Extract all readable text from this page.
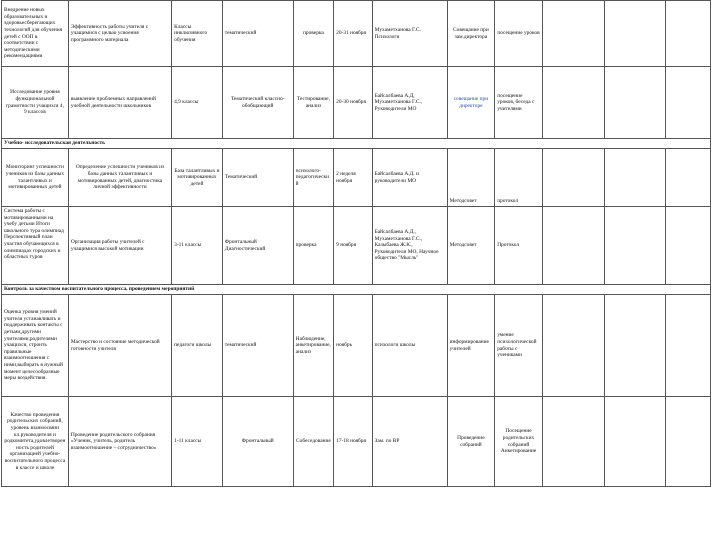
Внедрение новых образовательных и здоровьесберегающих технологий для обучения детей с ООП в соответствии с методическими рекомендациями	Эффективность работы учителя с учащимися с целью усвоения программного материала	Классы инклюзивного обучения	тематический	проверка	20-31 ноября	Мухаметханова Г.С. Психологи	Совещание при зам.директора	посещение уроков			
Исследование уровня функциональной грамотности учащихся 4, 9 классов	выявление проблемных направлений учебной деятельности школьников	4,9 классы	Тематический классно-обобщающий	Тестирование, анализ	20-30 ноября	Байсалбаева А.Д, Мухаметханова Г.С., Руководители МО	совещание при директоре	посещение уроков, беседа с учителями			
Учебно- исследовательская деятельность											
Мониторинг успешности учеников из базы данных талантливых и мотивированных детей	Определение успешности учеников из базы данных талантливых и мотивированных детей, диагностика личной эффективности	База талантливых и мотивированных детей	Тематический	психолого-педагогический	2 неделя ноября	Байсалбаева А.Д. и руководители МО	Методсовет	протокол			
Система работы с мотивированными на учебу детьми Итоги школьного тура олимпиад Перспективный план участия обучающихся в олимпиадах городских и областных туров	Организация работы учителей с учащимися высокой мотивации	3-11 классы	Фронтальный Диагностический	проверка	9 ноября	Байсалбаева А.Д., Мухаметханова Г.С., Казыбаева Ж.К., Руководители МО, Научное общество "Мысль"	Методсовет	Протокол			
Контроль за качеством воспитательного процесса, проведением мероприятий											
Оценка уровня умений учителя устанавливать и поддерживать контакты с детьми,другими учителями,родителями учащихся, строить правильные взаимоотношения с ними,выбирать в нужный момент целесообразные меры воздействия.	Мастерство и состояние методической готовности учителя	педагоги школы	тематический	Наблюдение, анкетирование, анализ	ноябрь	психологи школы	информирование учителей	умение психологической работы с учениками			
Качество проведения родительских собраний, уровень взаимосвязи кл.руководителя и родкомитета,удовлетворенность родителей организацией учебно-воспитательного процесса в классе и школе	Проведение родительского собрания «Ученик, учитель, родитель взаимоотношение – сотрудничество»	1-11 классы	Фронтальный	Собеседование	17-18 ноября	Зам. по ВР	Проведение собраний	Посещение родительских собраний Анкетирование			
